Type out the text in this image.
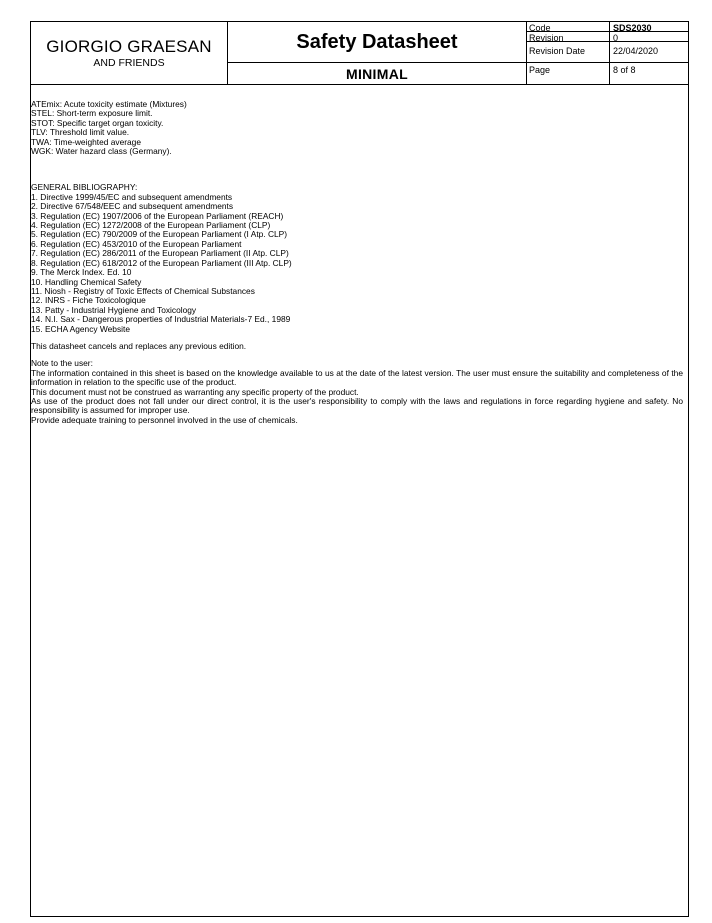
GIORGIO GRAESAN
AND FRIENDS
Safety Datasheet
MINIMAL
Code	SDS2030
Revision	0
Revision Date	22/04/2020
Page	8 of 8
ATEmix: Acute toxicity estimate (Mixtures)
STEL: Short-term exposure limit.
STOT: Specific target organ toxicity.
TLV: Threshold limit value.
TWA: Time-weighted average
WGK: Water hazard class (Germany).
GENERAL BIBLIOGRAPHY:
1. Directive 1999/45/EC and subsequent amendments
2. Directive 67/548/EEC and subsequent amendments
3. Regulation (EC) 1907/2006 of the European Parliament (REACH)
4. Regulation (EC) 1272/2008 of the European Parliament (CLP)
5. Regulation (EC) 790/2009 of the European Parliament (I Atp. CLP)
6. Regulation (EC) 453/2010 of the European Parliament
7. Regulation (EC) 286/2011 of the European Parliament (II Atp. CLP)
8. Regulation (EC) 618/2012 of the European Parliament (III Atp. CLP)
9. The Merck Index. Ed. 10
10. Handling Chemical Safety
11. Niosh - Registry of Toxic Effects of Chemical Substances
12. INRS - Fiche Toxicologique
13. Patty - Industrial Hygiene and Toxicology
14. N.I. Sax - Dangerous properties of Industrial Materials-7 Ed., 1989
15. ECHA Agency Website
This datasheet cancels and replaces any previous edition.
Note to the user:
The information contained in this sheet is based on the knowledge available to us at the date of the latest version. The user must ensure the suitability and completeness of the information in relation to the specific use of the product.
This document must not be construed as warranting any specific property of the product.
As use of the product does not fall under our direct control, it is the user's responsibility to comply with the laws and regulations in force regarding hygiene and safety. No responsibility is assumed for improper use.
Provide adequate training to personnel involved in the use of chemicals.
